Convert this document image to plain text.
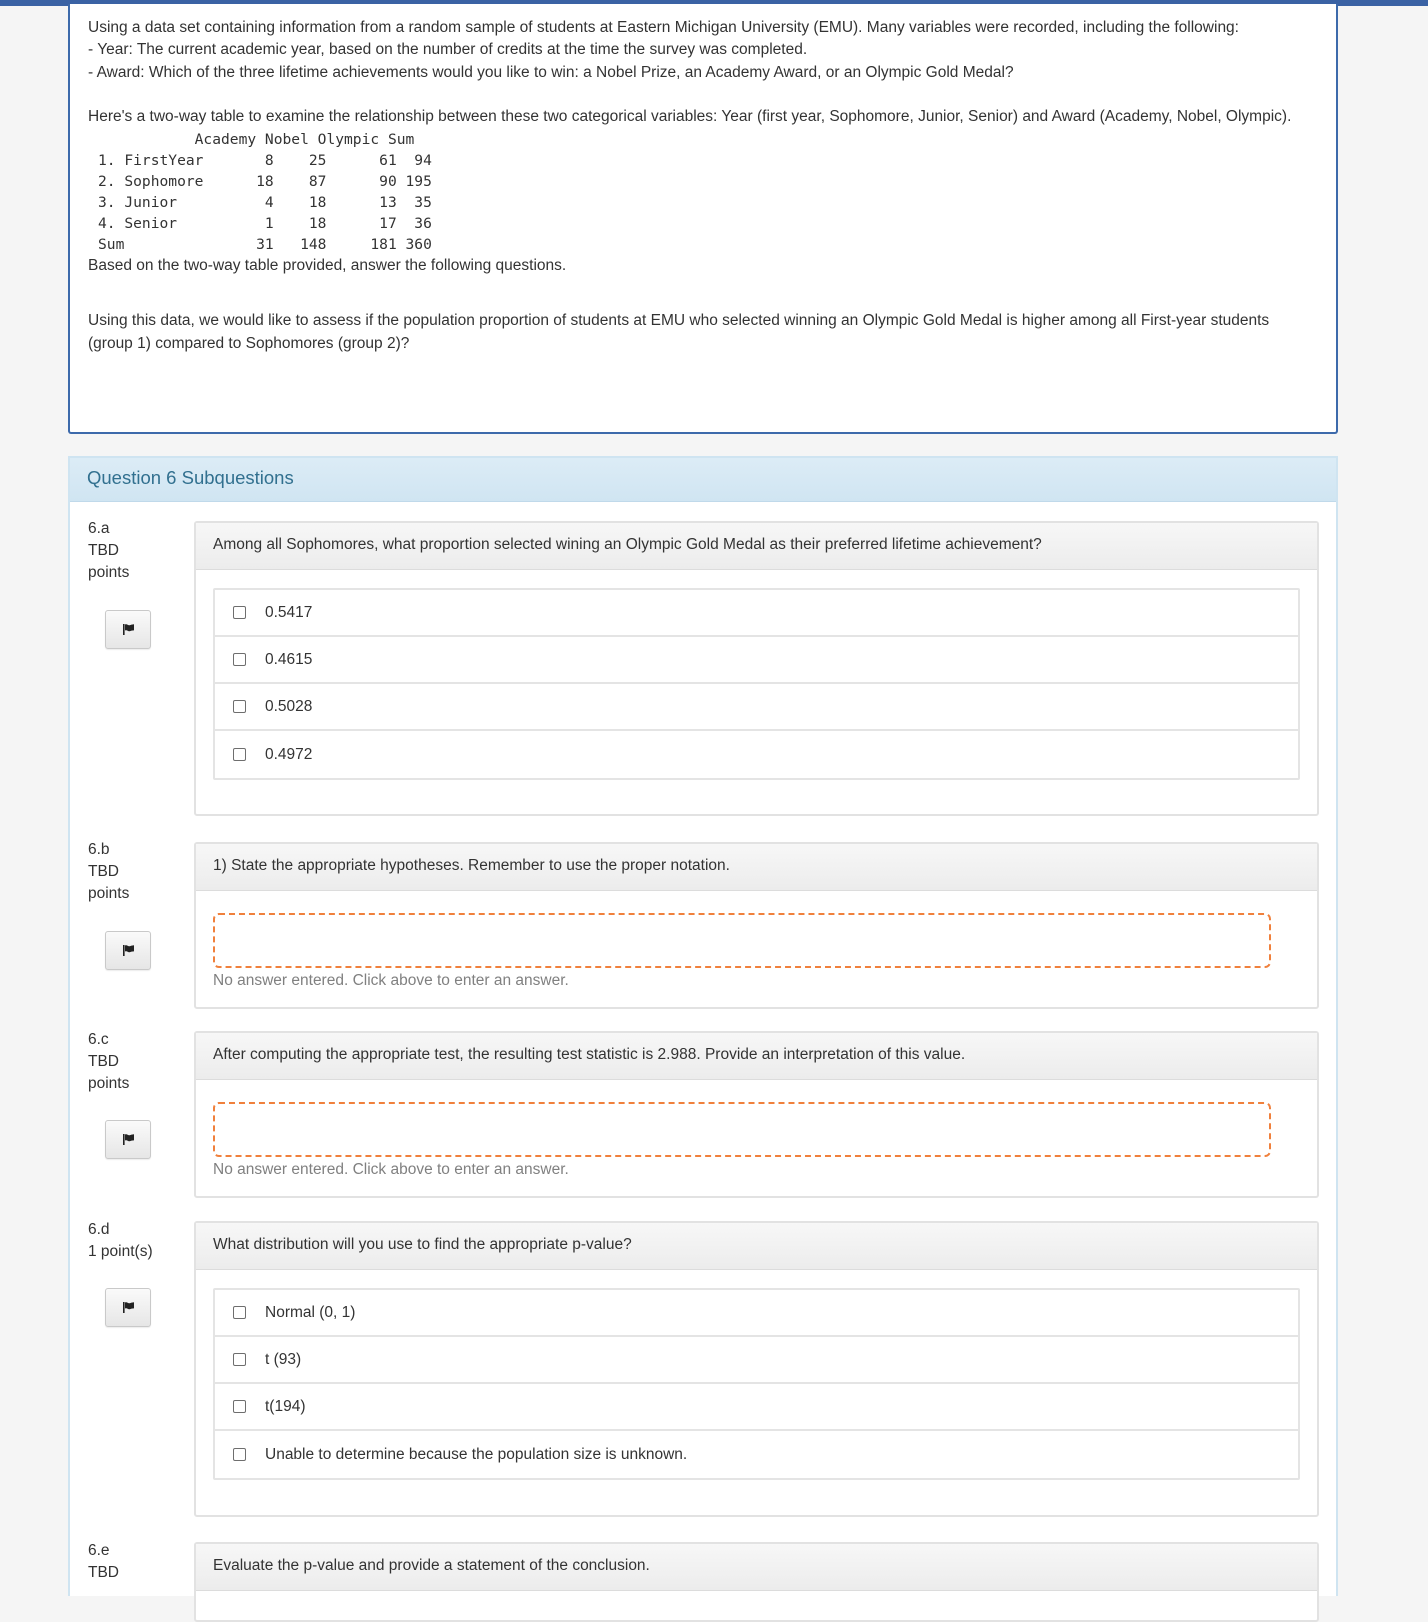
Using a data set containing information from a random sample of students at Eastern Michigan University (EMU). Many variables were recorded, including the following:

- Year: The current academic year, based on the number of credits at the time the survey was completed.

- Award: Which of the three lifetime achievements would you like to win: a Nobel Prize, an Academy Award, or an Olympic Gold Medal?

Here's a two-way table to examine the relationship between these two categorical variables: Year (first year, Sophomore, Junior, Senior) and Award (Academy, Nobel, Olympic).

Academy Nobel Olympic Sum
1. FirstYear       8    25      61  94
2. Sophomore      18    87      90 195
3. Junior          4    18      13  35
4. Senior          1    18      17  36
Sum               31   148     181 360

Based on the two-way table provided, answer the following questions.

Using this data, we would like to assess if the population proportion of students at EMU who selected winning an Olympic Gold Medal is higher among all First-year students (group 1) compared to Sophomores (group 2)?

Question 6 Subquestions
6.a
TBD
points
Among all Sophomores, what proportion selected wining an Olympic Gold Medal as their preferred lifetime achievement?
0.5417
0.4615
0.5028
0.4972
6.b
TBD
points
1) State the appropriate hypotheses. Remember to use the proper notation.
No answer entered. Click above to enter an answer.
6.c
TBD
points
After computing the appropriate test, the resulting test statistic is 2.988. Provide an interpretation of this value.
No answer entered. Click above to enter an answer.
6.d
1 point(s)	What distribution will you use to find the appropriate p-value?
Normal (0, 1)
t (93)
t(194)
Unable to determine because the population size is unknown.
6.e
TBD	Evaluate the p-value and provide a statement of the conclusion.
